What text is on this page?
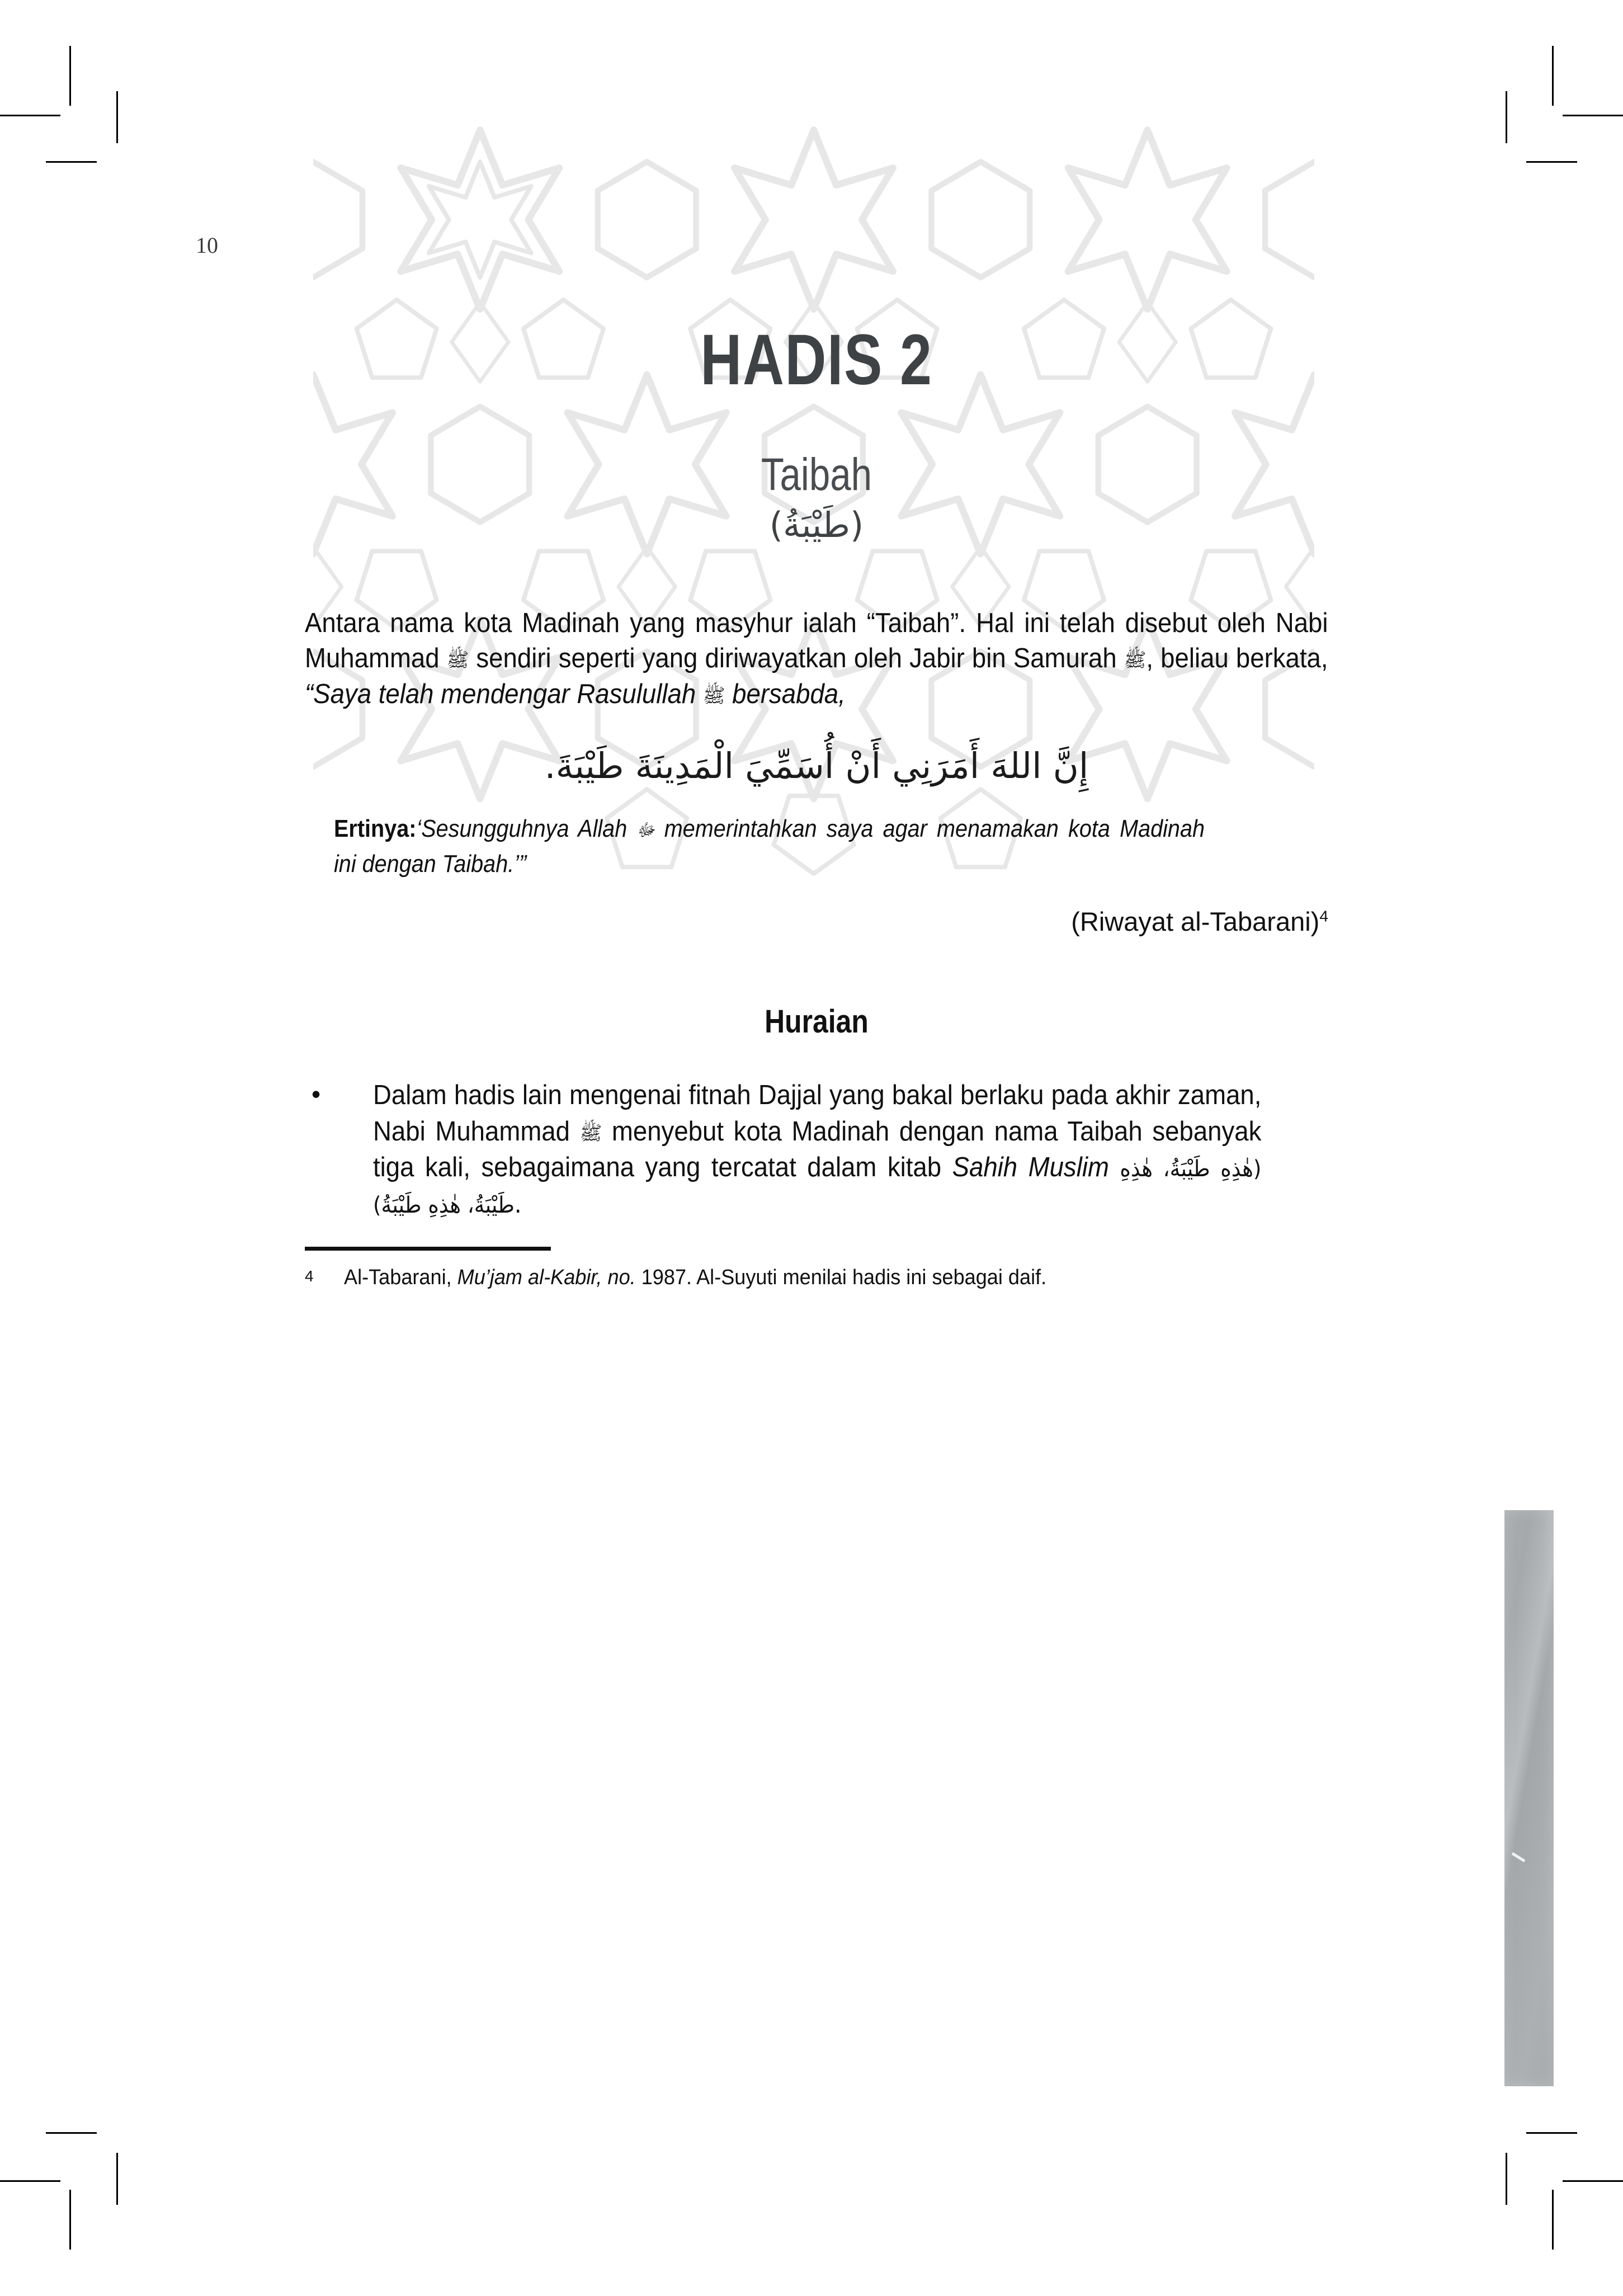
10
HADIS 2
Taibah
(طَيْبَةُ)

Antara nama kota Madinah yang masyhur ialah “Taibah”. Hal ini telah disebut oleh Nabi Muhammad ﷺ sendiri seperti yang diriwayatkan oleh Jabir bin Samurah ﷺ, beliau berkata, “Saya telah mendengar Rasulullah ﷺ bersabda,

إِنَّ اللهَ أَمَرَنِي أَنْ أُسَمِّيَ الْمَدِينَةَ طَيْبَةَ.

Ertinya:‘Sesungguhnya Allah ﷻ memerintahkan saya agar menamakan kota Madinah ini dengan Taibah.’”

(Riwayat al-Tabarani)$^4$
Huraian
•	Dalam hadis lain mengenai fitnah Dajjal yang bakal berlaku pada akhir zaman, Nabi Muhammad ﷺ menyebut kota Madinah dengan nama Taibah sebanyak tiga kali, sebagaimana yang tercatat dalam kitab Sahih Muslim (هٰذِهِ طَيْبَةُ، هٰذِهِ طَيْبَةُ، هٰذِهِ طَيْبَةُ).
4	Al-Tabarani, Mu’jam al-Kabir, no. 1987. Al-Suyuti menilai hadis ini sebagai daif.
